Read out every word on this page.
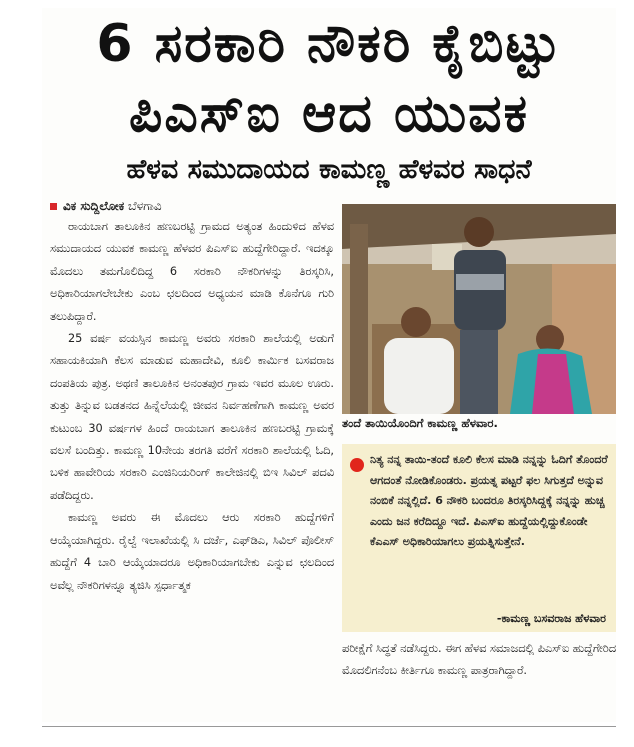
6 ಸರಕಾರಿ ನೌಕರಿ ಕೈಬಿಟ್ಟು
ಪಿಎಸ್ಐ ಆದ ಯುವಕ
ಹೆಳವ ಸಮುದಾಯದ ಕಾಮಣ್ಣ ಹೆಳವರ ಸಾಧನೆ
ವಿಕ ಸುದ್ದಿಲೋಕ ಬೆಳಗಾವಿ

ರಾಯಬಾಗ ತಾಲೂಕಿನ ಹಣಬರಟ್ಟಿ ಗ್ರಾಮದ ಅತ್ಯಂತ ಹಿಂದುಳಿದ ಹೆಳವ ಸಮುದಾಯದ ಯುವಕ ಕಾಮಣ್ಣ ಹೆಳವರ ಪಿಎಸ್ಐ ಹುದ್ದೆಗೇರಿದ್ದಾರೆ. ಇದಕ್ಕೂ ಮೊದಲು ತಮಗೊಲಿದಿದ್ದ 6 ಸರಕಾರಿ ನೌಕರಿಗಳನ್ನು ತಿರಸ್ಕರಿಸಿ, ಅಧಿಕಾರಿಯಾಗಲೇಬೇಕು ಎಂಬ ಛಲದಿಂದ ಅಧ್ಯಯನ ಮಾಡಿ ಕೊನೆಗೂ ಗುರಿ ತಲುಪಿದ್ದಾರೆ.

25 ವರ್ಷ ವಯಸ್ಸಿನ ಕಾಮಣ್ಣ ಅವರು ಸರಕಾರಿ ಶಾಲೆಯಲ್ಲಿ ಅಡುಗೆ ಸಹಾಯಕಿಯಾಗಿ ಕೆಲಸ ಮಾಡುವ ಮಹಾದೇವಿ, ಕೂಲಿ ಕಾರ್ಮಿಕ ಬಸವರಾಜ ದಂಪತಿಯ ಪುತ್ರ. ಅಥಣಿ ತಾಲೂಕಿನ ಅನಂತಪುರ ಗ್ರಾಮ ಇವರ ಮೂಲ ಊರು. ತುತ್ತು ತಿನ್ನುವ ಬಡತನದ ಹಿನ್ನೆಲೆಯಲ್ಲಿ ಜೀವನ ನಿರ್ವಹಣೆಗಾಗಿ ಕಾಮಣ್ಣ ಅವರ ಕುಟುಂಬ 30 ವರ್ಷಗಳ ಹಿಂದೆ ರಾಯಬಾಗ ತಾಲೂಕಿನ ಹಣಬರಟ್ಟಿ ಗ್ರಾಮಕ್ಕೆ ವಲಸೆ ಬಂದಿತ್ತು. ಕಾಮಣ್ಣ 10ನೇಯ ತರಗತಿ ವರೆಗೆ ಸರಕಾರಿ ಶಾಲೆಯಲ್ಲಿ ಓದಿ, ಬಳಿಕ ಹಾವೇರಿಯ ಸರಕಾರಿ ಎಂಜಿನಿಯರಿಂಗ್ ಕಾಲೇಜಿನಲ್ಲಿ ಬಿಇ ಸಿವಿಲ್ ಪದವಿ ಪಡೆದಿದ್ದರು.

ಕಾಮಣ್ಣ ಅವರು ಈ ಮೊದಲು ಆರು ಸರಕಾರಿ ಹುದ್ದೆಗಳಿಗೆ ಆಯ್ಕೆಯಾಗಿದ್ದರು. ರೈಲ್ವೆ ಇಲಾಖೆಯಲ್ಲಿ ಸಿ ದರ್ಜೆ, ಎಫ್‌ಡಿಎ, ಸಿವಿಲ್ ಪೊಲೀಸ್ ಹುದ್ದೆಗೆ 4 ಬಾರಿ ಆಯ್ಕೆಯಾದರೂ ಅಧಿಕಾರಿಯಾಗಬೇಕು ಎನ್ನುವ ಛಲದಿಂದ ಅವೆಲ್ಲ ನೌಕರಿಗಳನ್ನೂ ತ್ಯಜಿಸಿ ಸ್ಪರ್ಧಾತ್ಮಕ

ತಂದೆ ತಾಯಿಯೊಂದಿಗೆ ಕಾಮಣ್ಣ ಹೆಳವಾರ.
ನಿತ್ಯ ನನ್ನ ತಾಯಿ-ತಂದೆ ಕೂಲಿ ಕೆಲಸ ಮಾಡಿ ನನ್ನನ್ನು ಓದಿಗೆ ತೊಂದರೆ ಆಗದಂತೆ ನೋಡಿಕೊಂಡರು. ಪ್ರಯತ್ನ ಪಟ್ಟರೆ ಫಲ ಸಿಗುತ್ತದೆ ಅನ್ನುವ ನಂಬಿಕೆ ನನ್ನಲ್ಲಿದೆ. 6 ನೌಕರಿ ಬಂದರೂ ತಿರಸ್ಕರಿಸಿದ್ದಕ್ಕೆ ನನ್ನನ್ನು ಹುಚ್ಚ ಎಂದು ಜನ ಕರೆದಿದ್ದೂ ಇದೆ. ಪಿಎಸ್ಐ ಹುದ್ದೆಯಲ್ಲಿದ್ದುಕೊಂಡೇ ಕೆಎಎಸ್ ಅಧಿಕಾರಿಯಾಗಲು ಪ್ರಯತ್ನಿಸುತ್ತೇನೆ.
-ಕಾಮಣ್ಣ ಬಸವರಾಜ ಹೆಳವಾರ

ಪರೀಕ್ಷೆಗೆ ಸಿದ್ಧತೆ ನಡೆಸಿದ್ದರು. ಈಗ ಹೆಳವ ಸಮಾಜದಲ್ಲಿ ಪಿಎಸ್ಐ ಹುದ್ದೆಗೇರಿದ ಮೊದಲಿಗನೆಂಬ ಕೀರ್ತಿಗೂ ಕಾಮಣ್ಣ ಪಾತ್ರರಾಗಿದ್ದಾರೆ.
